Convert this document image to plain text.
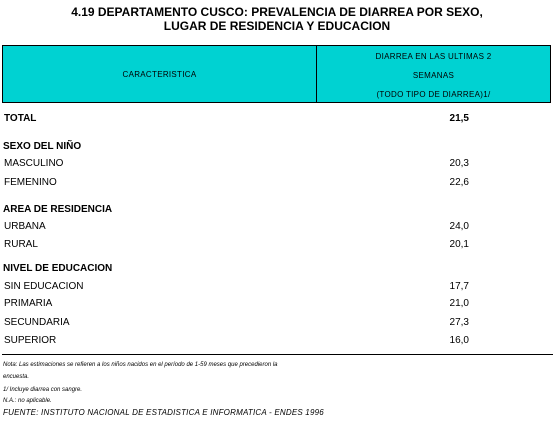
4.19 DEPARTAMENTO CUSCO: PREVALENCIA DE DIARREA POR SEXO,
LUGAR DE RESIDENCIA Y EDUCACION
CARACTERISTICA
DIARREA EN LAS ULTIMAS 2
SEMANAS
(TODO TIPO DE DIARREA)1/
TOTAL	21,5
SEXO DEL NIÑO
MASCULINO	20,3
FEMENINO	22,6
AREA DE RESIDENCIA
URBANA	24,0
RURAL	20,1
NIVEL DE EDUCACION
SIN EDUCACION	17,7
PRIMARIA	21,0
SECUNDARIA	27,3
SUPERIOR	16,0
Nota: Las estimaciones se refieren a los niños nacidos en el período de 1-59 meses que precedieron la
encuesta.
1/ Incluye diarrea con sangre.
N.A.: no aplicable.
FUENTE: INSTITUTO NACIONAL DE ESTADISTICA E INFORMATICA - ENDES 1996
